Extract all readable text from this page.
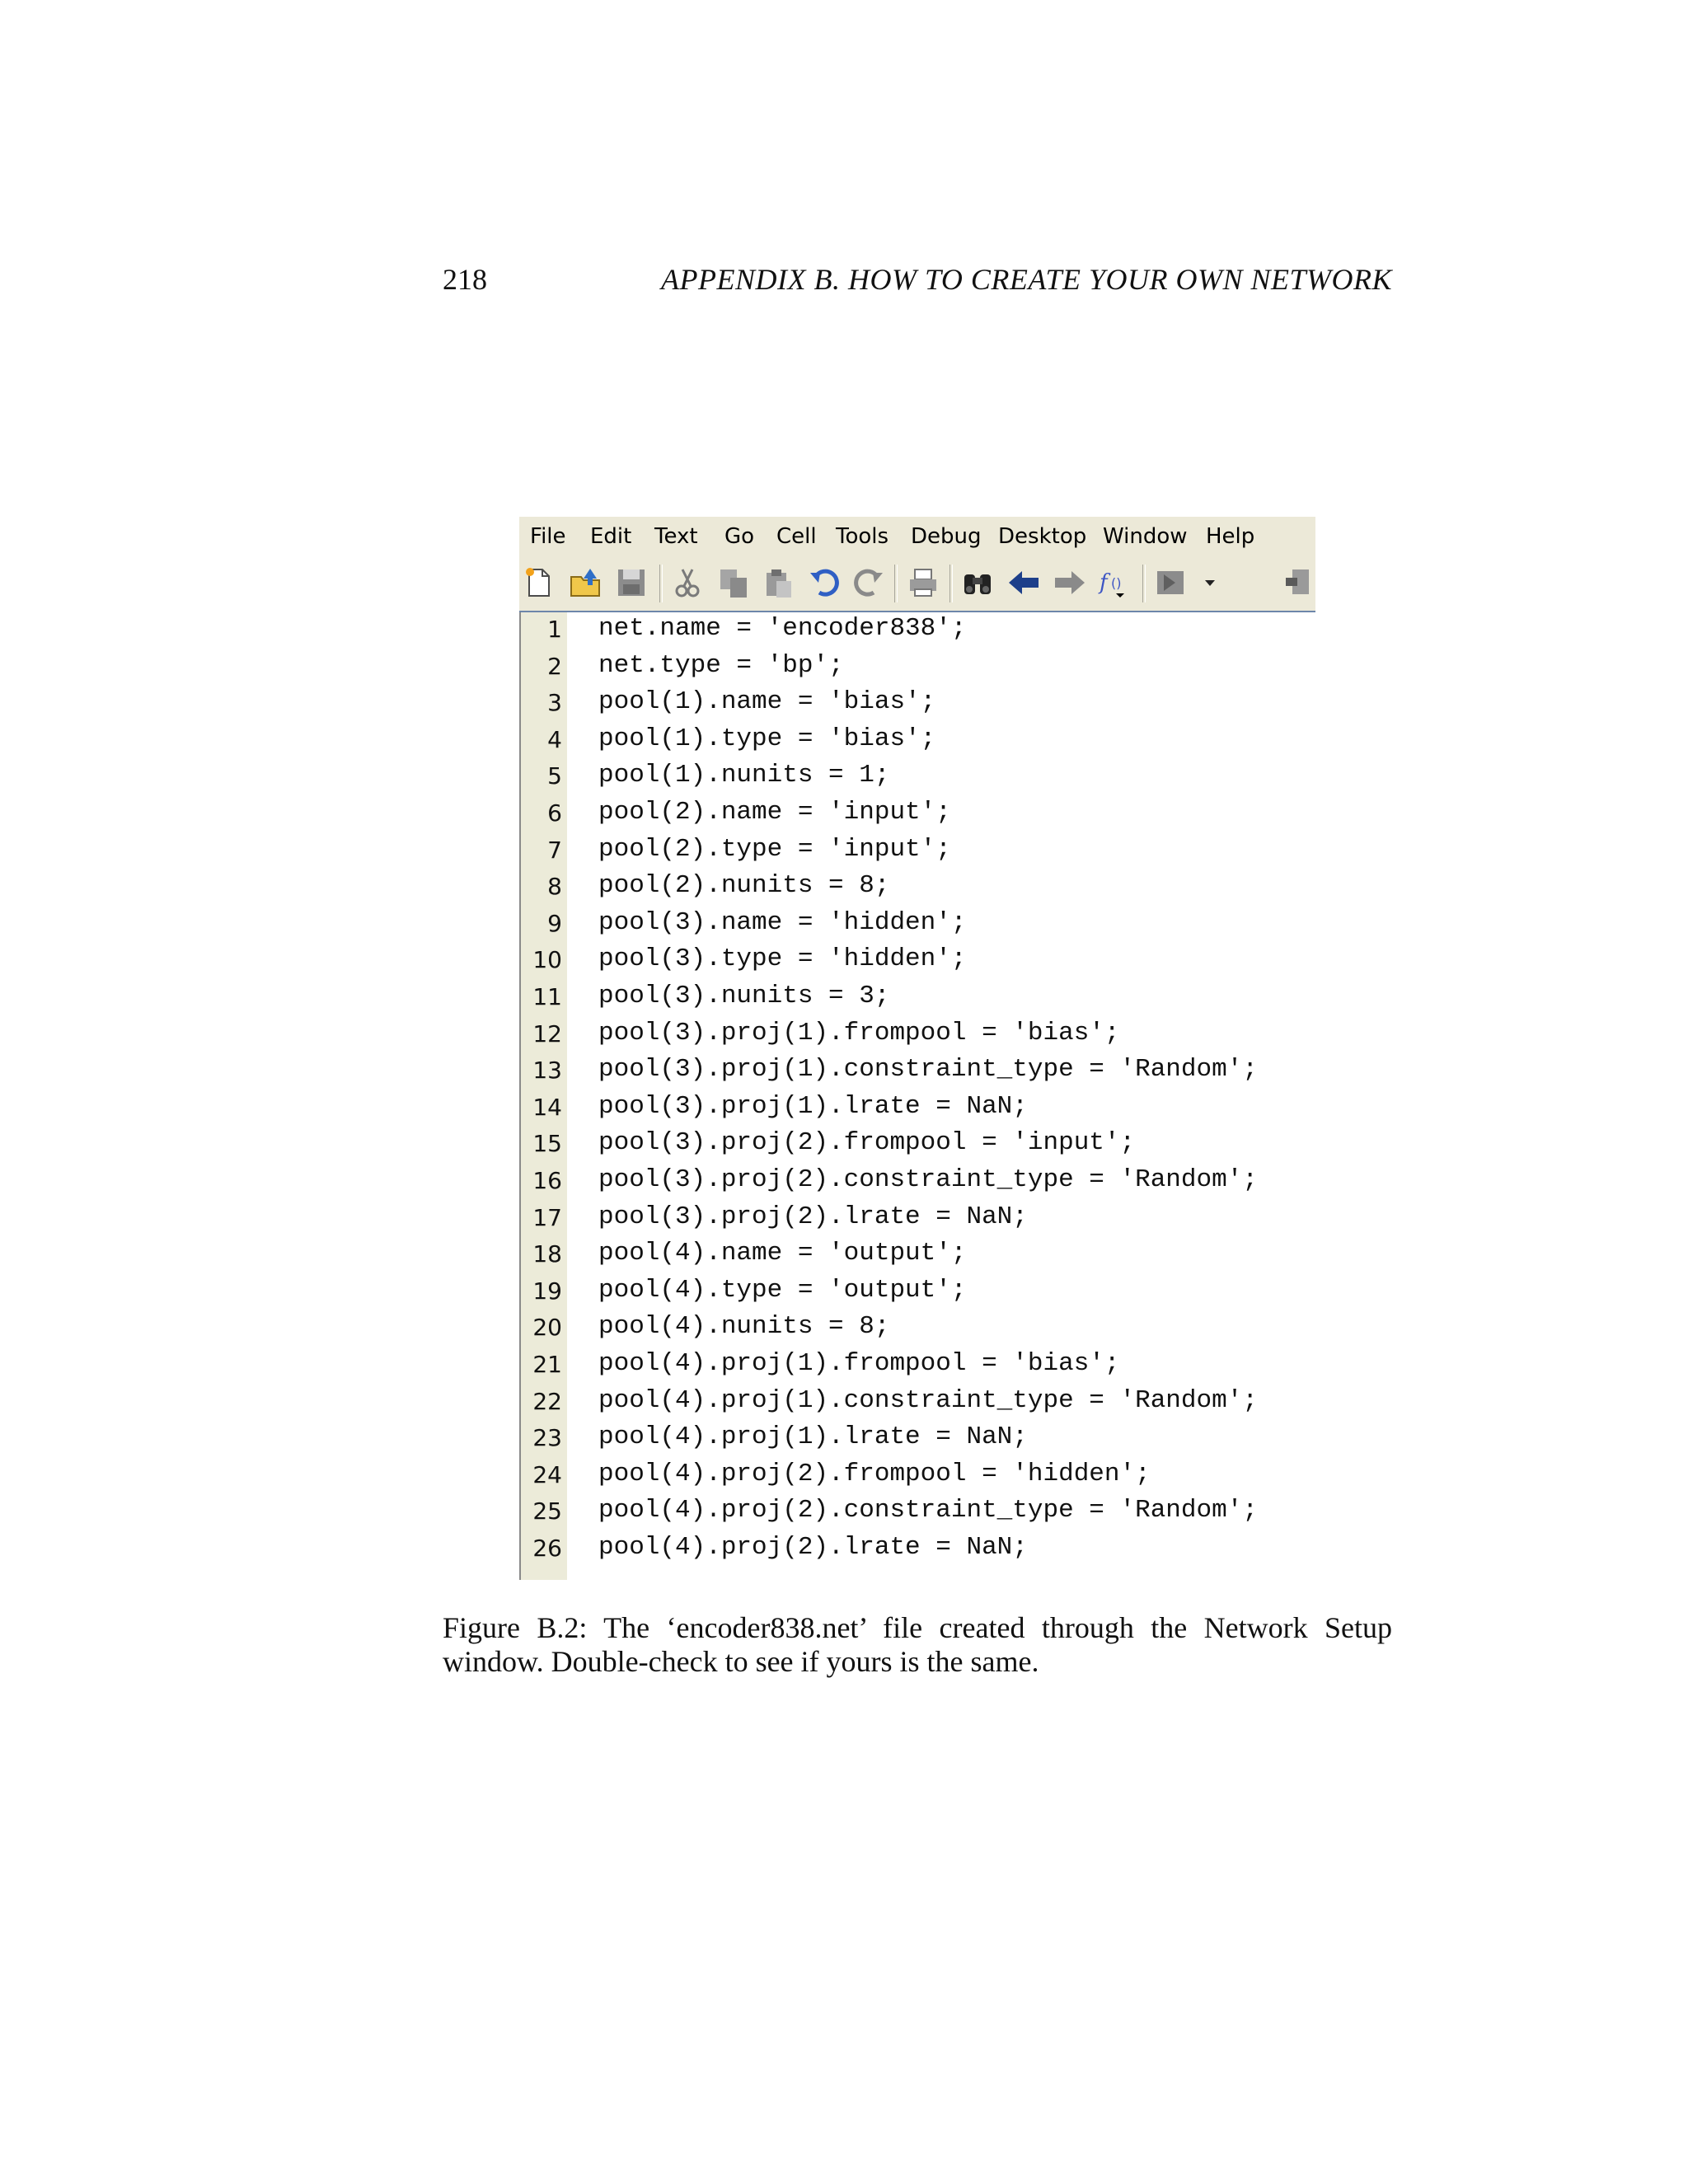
218	APPENDIX B. HOW TO CREATE YOUR OWN NETWORK
File Edit Text Go Cell Tools Debug Desktop Window Help
f ()
1 net.name = 'encoder838';
2 net.type = 'bp';
3 pool(1).name = 'bias';
4 pool(1).type = 'bias';
5 pool(1).nunits = 1;
6 pool(2).name = 'input';
7 pool(2).type = 'input';
8 pool(2).nunits = 8;
9 pool(3).name = 'hidden';
10 pool(3).type = 'hidden';
11 pool(3).nunits = 3;
12 pool(3).proj(1).frompool = 'bias';
13 pool(3).proj(1).constraint_type = 'Random';
14 pool(3).proj(1).lrate = NaN;
15 pool(3).proj(2).frompool = 'input';
16 pool(3).proj(2).constraint_type = 'Random';
17 pool(3).proj(2).lrate = NaN;
18 pool(4).name = 'output';
19 pool(4).type = 'output';
20 pool(4).nunits = 8;
21 pool(4).proj(1).frompool = 'bias';
22 pool(4).proj(1).constraint_type = 'Random';
23 pool(4).proj(1).lrate = NaN;
24 pool(4).proj(2).frompool = 'hidden';
25 pool(4).proj(2).constraint_type = 'Random';
26 pool(4).proj(2).lrate = NaN;
Figure B.2: The ‘encoder838.net’ file created through the Network Setup window. Double-check to see if yours is the same.
